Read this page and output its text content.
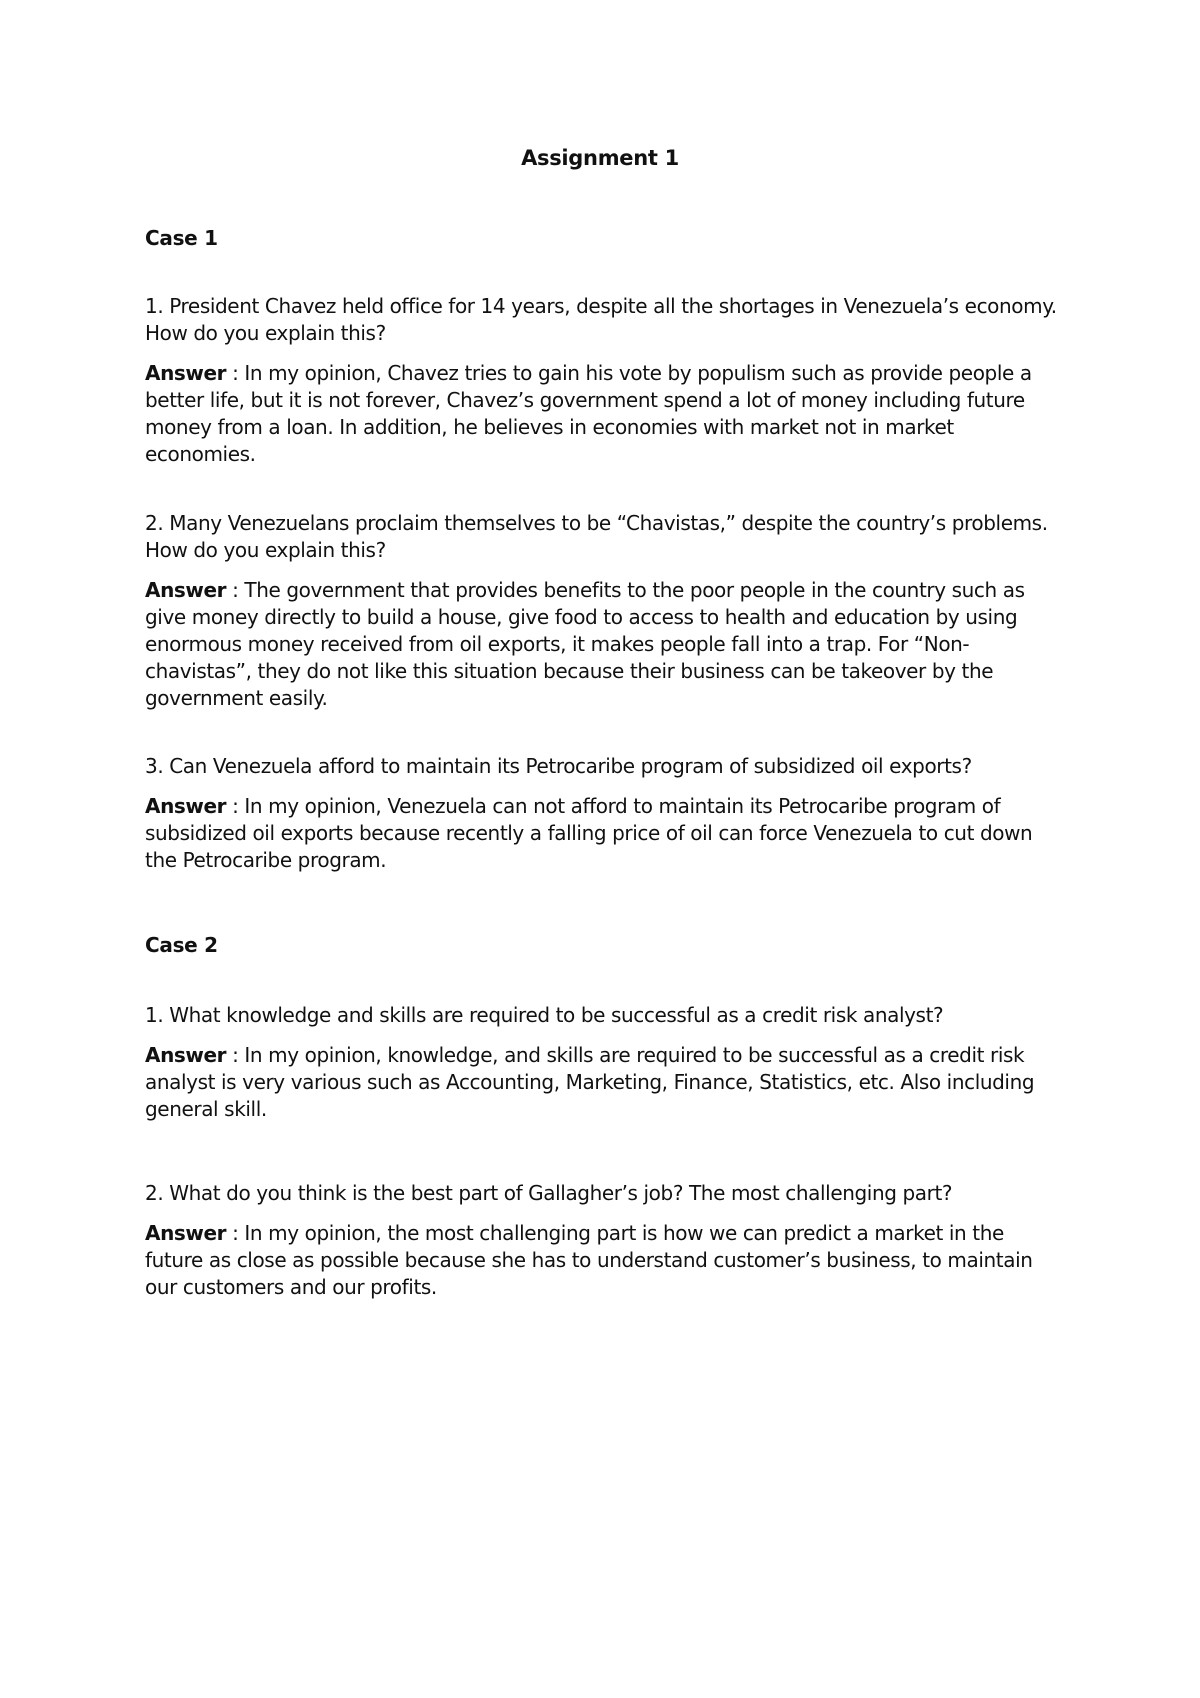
Assignment 1
Case 1

1. President Chavez held office for 14 years, despite all the shortages in Venezuela’s economy. How do you explain this?

Answer : In my opinion, Chavez tries to gain his vote by populism such as provide people a better life, but it is not forever, Chavez’s government spend a lot of money including future money from a loan. In addition, he believes in economies with market not in market economies.

2. Many Venezuelans proclaim themselves to be “Chavistas,” despite the country’s problems. How do you explain this?

Answer : The government that provides benefits to the poor people in the country such as give money directly to build a house, give food to access to health and education by using enormous money received from oil exports, it makes people fall into a trap. For “Non-chavistas”, they do not like this situation because their business can be takeover by the government easily.

3. Can Venezuela afford to maintain its Petrocaribe program of subsidized oil exports?

Answer : In my opinion, Venezuela can not afford to maintain its Petrocaribe program of subsidized oil exports because recently a falling price of oil can force Venezuela to cut down the Petrocaribe program.

Case 2

1. What knowledge and skills are required to be successful as a credit risk analyst?

Answer : In my opinion, knowledge, and skills are required to be successful as a credit risk analyst is very various such as Accounting, Marketing, Finance, Statistics, etc. Also including general skill.

2. What do you think is the best part of Gallagher’s job? The most challenging part?

Answer : In my opinion, the most challenging part is how we can predict a market in the future as close as possible because she has to understand customer’s business, to maintain our customers and our profits.
